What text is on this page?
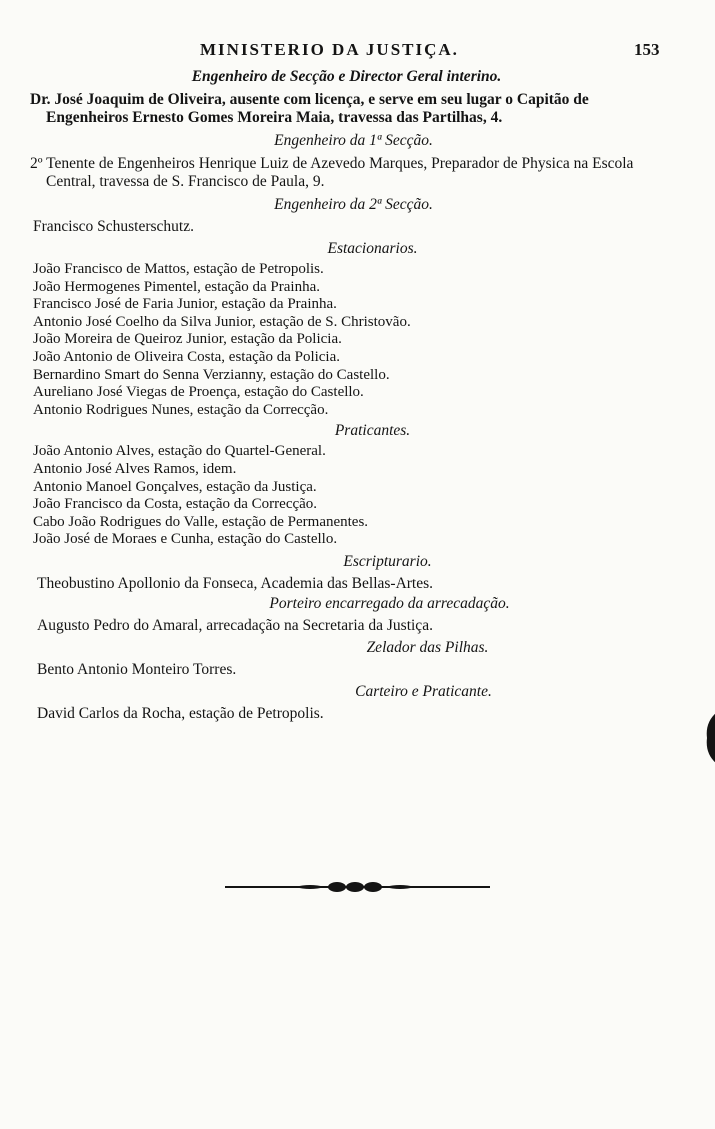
MINISTERIO DA JUSTIÇA.	153

Engenheiro de Secção e Director Geral interino.

Dr. José Joaquim de Oliveira, ausente com licença, e serve em seu lugar o Capitão de Engenheiros Ernesto Gomes Moreira Maia, travessa das Partilhas, 4.

Engenheiro da 1ª Secção.

2º Tenente de Engenheiros Henrique Luiz de Azevedo Marques, Preparador de Physica na Escola Central, travessa de S. Francisco de Paula, 9.

Engenheiro da 2ª Secção.

Francisco Schusterschutz.

Estacionarios.

João Francisco de Mattos, estação de Petropolis.

João Hermogenes Pimentel, estação da Prainha.

Francisco José de Faria Junior, estação da Prainha.

Antonio José Coelho da Silva Junior, estação de S. Christovão.

João Moreira de Queiroz Junior, estação da Policia.

João Antonio de Oliveira Costa, estação da Policia.

Bernardino Smart do Senna Verzianny, estação do Castello.

Aureliano José Viegas de Proença, estação do Castello.

Antonio Rodrigues Nunes, estação da Correcção.

Praticantes.

João Antonio Alves, estação do Quartel-General.

Antonio José Alves Ramos, idem.

Antonio Manoel Gonçalves, estação da Justiça.

João Francisco da Costa, estação da Correcção.

Cabo João Rodrigues do Valle, estação de Permanentes.

João José de Moraes e Cunha, estação do Castello.

Escripturario.

Theobustino Apollonio da Fonseca, Academia das Bellas-Artes.

Porteiro encarregado da arrecadação.

Augusto Pedro do Amaral, arrecadação na Secretaria da Justiça.

Zelador das Pilhas.

Bento Antonio Monteiro Torres.

Carteiro e Praticante.

David Carlos da Rocha, estação de Petropolis.
